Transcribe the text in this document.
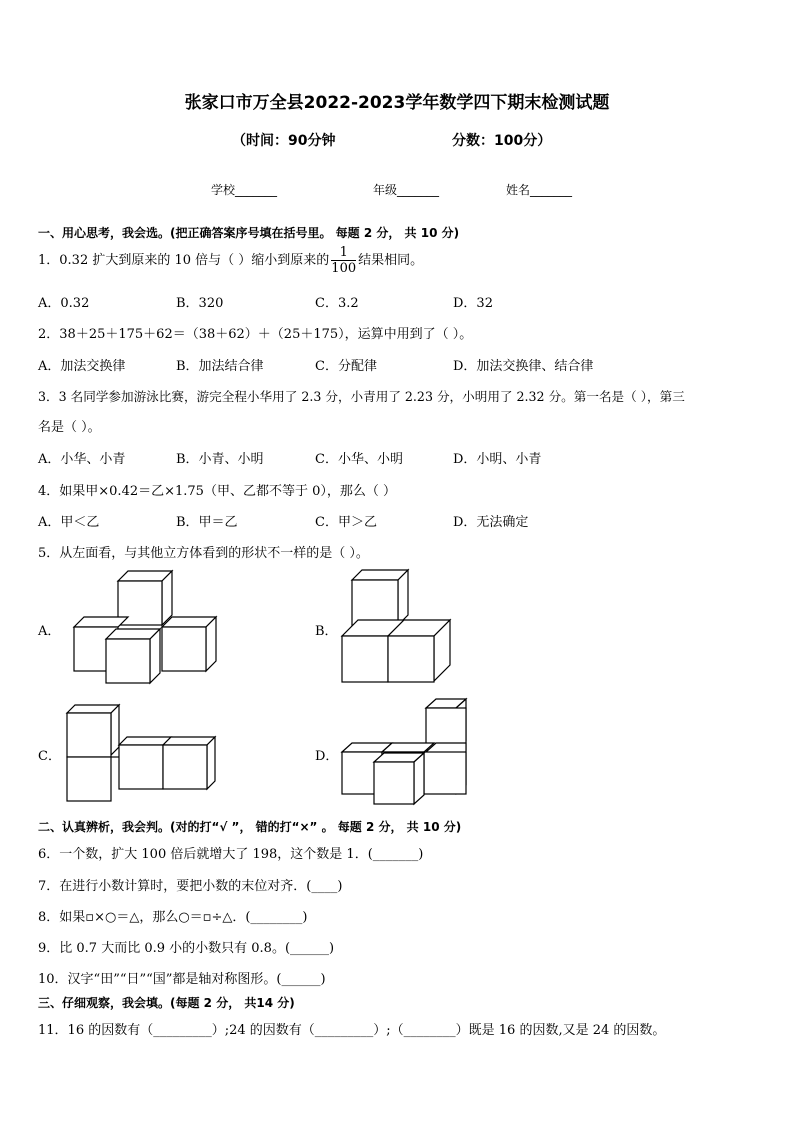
张家口市万全县2022-2023学年数学四下期末检测试题
（时间：90分钟	分数：100分）
学校_______	年级_______	姓名_______
一、用心思考，我会选。(把正确答案序号填在括号里。 每题 2 分， 共 10 分)
1．0.32 扩大到原来的 10 倍与（ ）缩小到原来的 $\frac{1}{100}$ 结果相同。
A．0.32	B．320	C．3.2	D．32
2．38＋25＋175＋62＝（38＋62）＋（25＋175），运算中用到了（ ）。
A．加法交换律	B．加法结合律	C．分配律	D．加法交换律、结合律
3．3 名同学参加游泳比赛，游完全程小华用了 2.3 分，小青用了 2.23 分，小明用了 2.32 分。第一名是（ ），第三
名是（ ）。
A．小华、小青	B．小青、小明	C．小华、小明	D．小明、小青
4．如果甲×0.42＝乙×1.75（甲、乙都不等于 0），那么（ ）
A．甲＜乙	B．甲＝乙	C．甲＞乙	D．无法确定
5．从左面看，与其他立方体看到的形状不一样的是（ ）。
A．	B．
C．	D．
二、认真辨析，我会判。(对的打“√ ”， 错的打“×” 。 每题 2 分， 共 10 分)
6．一个数，扩大 100 倍后就增大了 198，这个数是 1．(_______)
7．在进行小数计算时，要把小数的末位对齐．(____)
8．如果▫×○＝△，那么○＝▫÷△．(________)
9．比 0.7 大而比 0.9 小的小数只有 0.8。(______)
10．汉字“田”“日”“国”都是轴对称图形。(______)
三、仔细观察，我会填。(每题 2 分， 共14 分)
11．16 的因数有（_________）;24 的因数有（_________）;（________）既是 16 的因数,又是 24 的因数。
